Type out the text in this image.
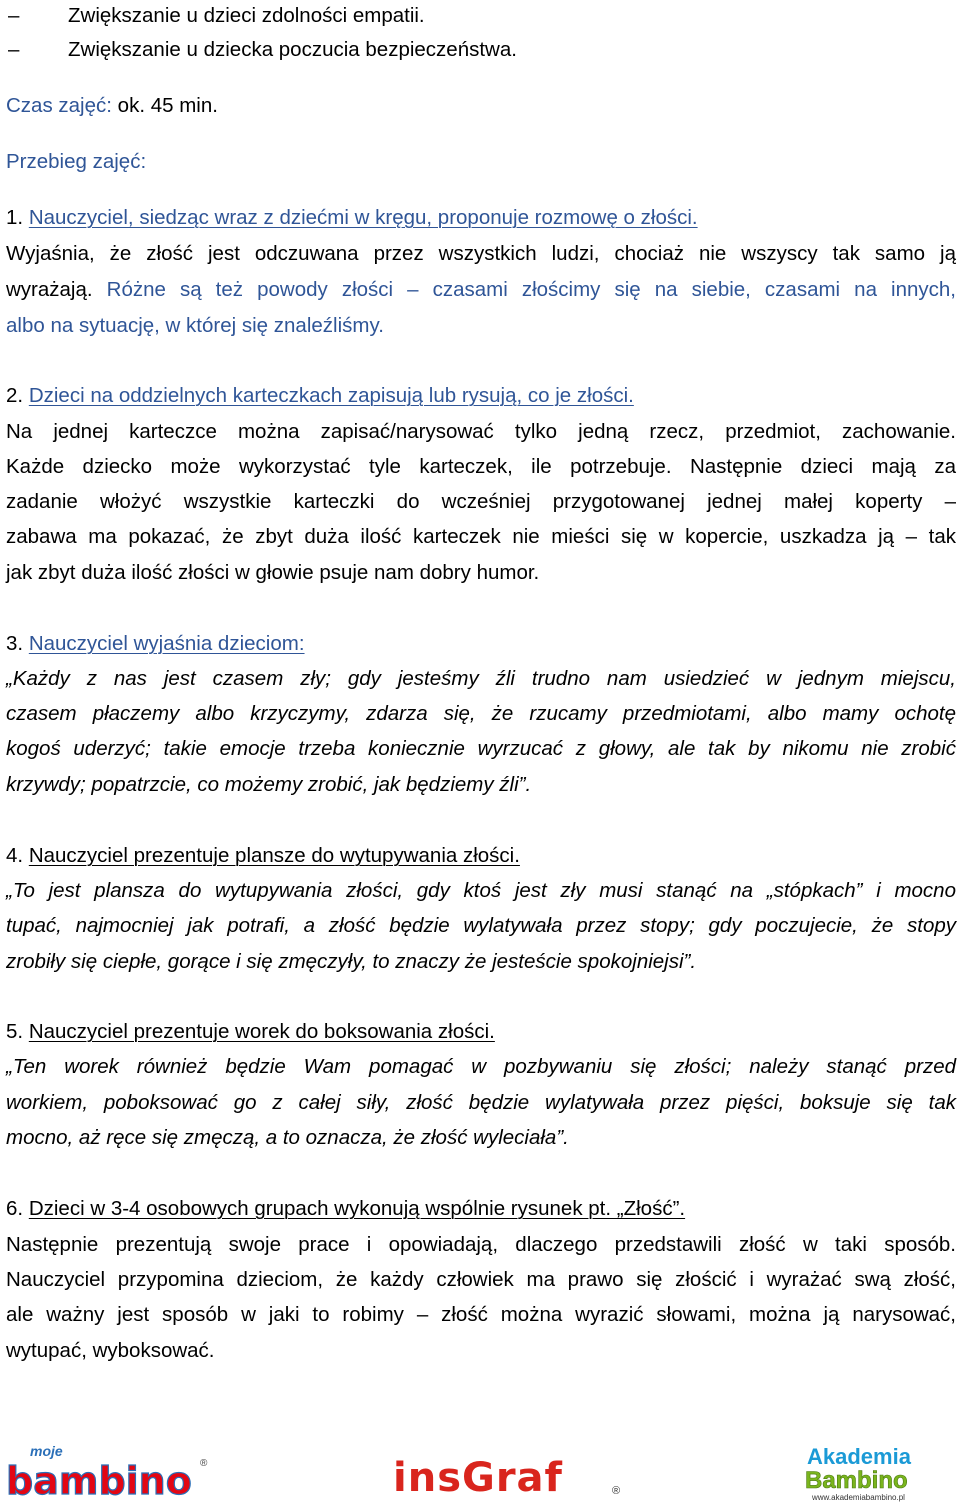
– Zwiększanie u dzieci zdolności empatii.
– Zwiększanie u dziecka poczucia bezpieczeństwa.
Czas zajęć: ok. 45 min.
Przebieg zajęć:
1. Nauczyciel, siedząc wraz z dziećmi w kręgu, proponuje rozmowę o złości.
Wyjaśnia, że złość jest odczuwana przez wszystkich ludzi, chociaż nie wszyscy tak samo ją
wyrażają. Różne są też powody złości – czasami złościmy się na siebie, czasami na innych,
albo na sytuację, w której się znaleźliśmy.
2. Dzieci na oddzielnych karteczkach zapisują lub rysują, co je złości.
Na jednej karteczce można zapisać/narysować tylko jedną rzecz, przedmiot, zachowanie.
Każde dziecko może wykorzystać tyle karteczek, ile potrzebuje. Następnie dzieci mają za
zadanie włożyć wszystkie karteczki do wcześniej przygotowanej jednej małej koperty –
zabawa ma pokazać, że zbyt duża ilość karteczek nie mieści się w kopercie, uszkadza ją – tak
jak zbyt duża ilość złości w głowie psuje nam dobry humor.
3. Nauczyciel wyjaśnia dzieciom:
„Każdy z nas jest czasem zły; gdy jesteśmy źli trudno nam usiedzieć w jednym miejscu,
czasem płaczemy albo krzyczymy, zdarza się, że rzucamy przedmiotami, albo mamy ochotę
kogoś uderzyć; takie emocje trzeba koniecznie wyrzucać z głowy, ale tak by nikomu nie zrobić
krzywdy; popatrzcie, co możemy zrobić, jak będziemy źli”.
4. Nauczyciel prezentuje plansze do wytupywania złości.
„To jest plansza do wytupywania złości, gdy ktoś jest zły musi stanąć na „stópkach” i mocno
tupać, najmocniej jak potrafi, a złość będzie wylatywała przez stopy; gdy poczujecie, że stopy
zrobiły się ciepłe, gorące i się zmęczyły, to znaczy że jesteście spokojniejsi”.
5. Nauczyciel prezentuje worek do boksowania złości.
„Ten worek również będzie Wam pomagać w pozbywaniu się złości; należy stanąć przed
workiem, poboksować go z całej siły, złość będzie wylatywała przez pięści, boksuje się tak
mocno, aż ręce się zmęczą, a to oznacza, że złość wyleciała”.
6. Dzieci w 3-4 osobowych grupach wykonują wspólnie rysunek pt. „Złość”.
Następnie prezentują swoje prace i opowiadają, dlaczego przedstawili złość w taki sposób.
Nauczyciel przypomina dzieciom, że każdy człowiek ma prawo się złościć i wyrażać swą złość,
ale ważny jest sposób w jaki to robimy – złość można wyrazić słowami, można ją narysować,
wytupać, wyboksować.
moje
bambino ®	insGraf	®
Akademia
Bambino
www.akademiabambino.pl
